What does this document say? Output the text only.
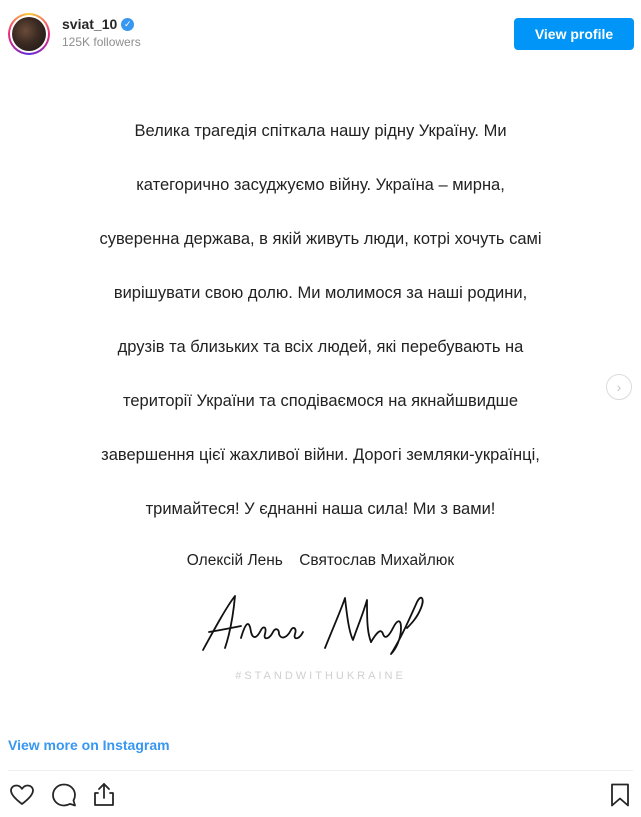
sviat_10 ✓
125K followers	View profile
Велика трагедія спіткала нашу рідну Україну. Ми
категорично засуджуємо війну. Україна – мирна,
суверенна держава, в якій живуть люди, котрі хочуть самі
вирішувати свою долю. Ми молимося за наші родини,
друзів та близьких та всіх людей, які перебувають на
території України та сподіваємося на якнайшвидше
завершення цієї жахливої війни. Дорогі земляки-українці,
тримайтеся! У єднанні наша сила! Ми з вами!
Олексій Лень Святослав Михайлюк
#STANDWITHUKRAINE
›
View more on Instagram
